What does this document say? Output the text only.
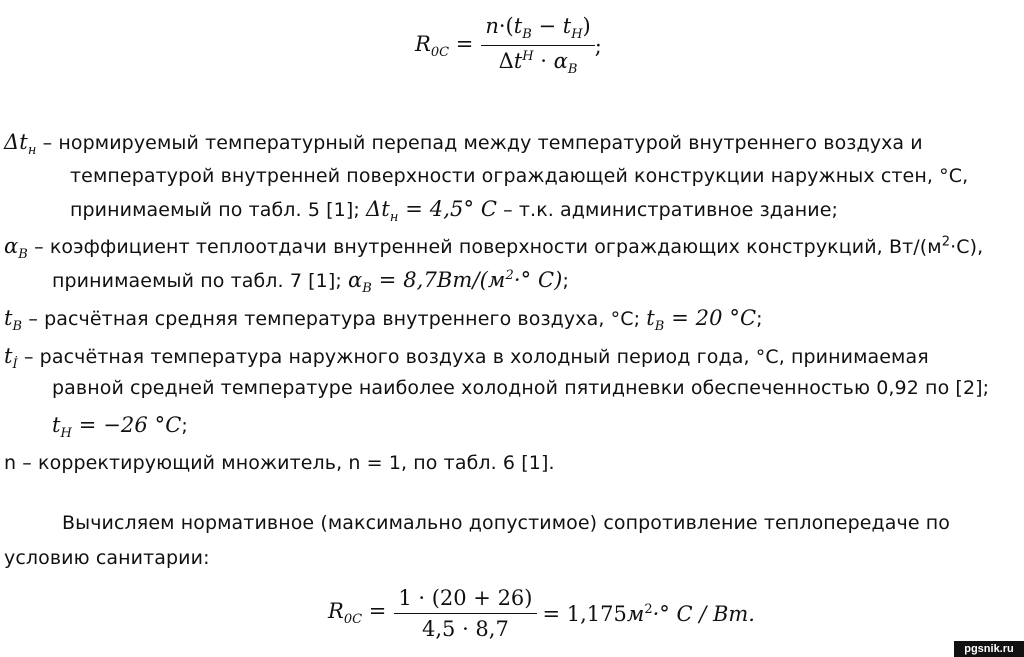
$R_{0C} = \frac{n\cdot(t_В - t_Н)}{\Delta t^Н \cdot \alpha_В}$ ;
$\Delta t_н$ – нормируемый температурный перепад между температурой внутреннего воздуха и
температурой внутренней поверхности ограждающей конструкции наружных стен, °С,
принимаемый по табл. 5 [1]; $\Delta t_н = 4,5^\circ$ C – т.к. административное здание;
$\alpha_В$ – коэффициент теплоотдачи внутренней поверхности ограждающих конструкций, $Вт/(м^2\cdot С)$,
принимаемый по табл. 7 [1]; $\alpha_В = 8,7Вт/(м^2\cdot^\circ$ С);
$t_В$ – расчётная средняя температура внутреннего воздуха, °С; $t_В = 20$ °С;
$t_İ$ – расчётная температура наружного воздуха в холодный период года, °С, принимаемая
равной средней температуре наиболее холодной пятидневки обеспеченностью 0,92 по [2];
$t_Н = -26$ °С;
n – корректирующий множитель, n = 1, по табл. 6 [1].
Вычисляем нормативное (максимально допустимое) сопротивление теплопередаче по
условию санитарии:
$R_{0C} = \frac{1 \cdot (20 + 26)}{4,5 \cdot 8,7} = 1,175м^2\cdot^\circ$ C / Вт.
pgsnik.ru
